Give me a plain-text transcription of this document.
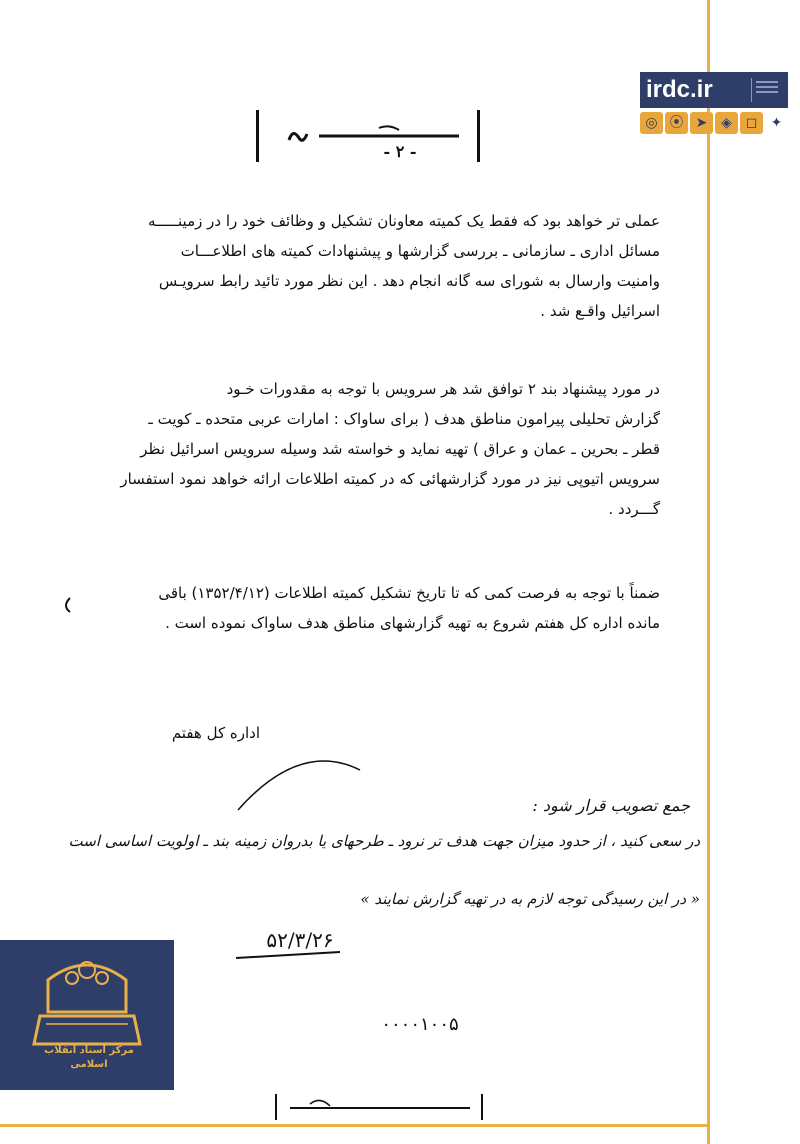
irdc.ir
◎ ⦿ ➤ ◈ ◻ ✦
- ۲ -
عملی تر خواهد بود که فقط یک کمیته معاونان تشکیل و وظائف خود را در زمینـــــه
مسائل اداری ـ سازمانی ـ بررسی گزارشها و پیشنهادات کمیته های اطلاعـــات
وامنیت وارسال به شورای سه گانه انجام دهد . این نظر مورد تائید رابط سرویـس
اسرائیل واقـع شد .
در مورد پیشنهاد بند ۲ توافق شد هر سرویس با توجه به مقدورات خـود
گزارش تحلیلی پیرامون مناطق هدف ( برای ساواک : امارات عربی متحده ـ کویت ـ
قطر ـ بحرین ـ عمان و عراق ) تهیه نماید و خواسته شد وسیله سرویس اسرائیل نظر
سرویس اتیوپی نیز در مورد گزارشهائی که در کمیته اطلاعات ارائه خواهد نمود استفسار
گـــردد .
ضمناً با توجه به فرصت کمی که تا تاریخ تشکیل کمیته اطلاعات (۱۳۵۲/۴/۱۲) باقی
مانده اداره کل هفتم شروع به تهیه گزارشهای مناطق هدف ساواک نموده است .
اداره کل هفتم
جمع تصویب قرار شود :
در سعی کنید ، از حدود میزان جهت هدف تر نرود ـ طرحهای یا بدروان زمینه بند ـ اولویت اساسی است
« در این رسیدگی توجه لازم به در تهیه گزارش نمایند »
۵۲/۳/۲۶
۰۰۰۰۱۰۰۵
مرکز اسناد انقلاب اسلامی
